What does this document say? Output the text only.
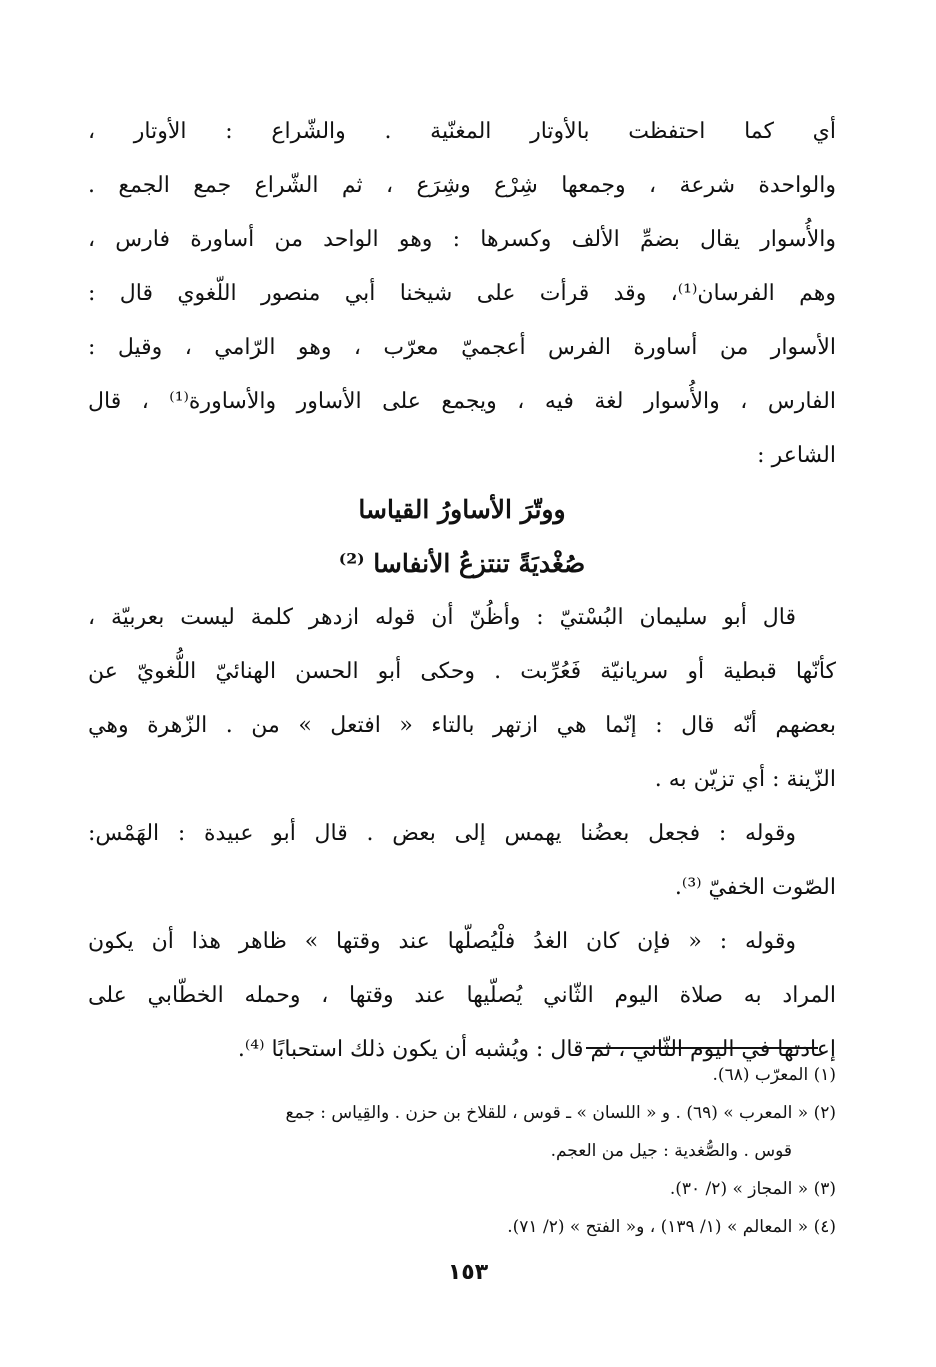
أي كما احتفظت بالأوتار المغنّية . والشّراع : الأوتار ،
والواحدة شرعة ، وجمعها شِرْع وشِرَع ، ثم الشّراع جمع الجمع .
والأُسوار يقال بضمِّ الألف وكسرها : وهو الواحد من أساورة فارس ،
وهم الفرسان⁽¹⁾، وقد قرأت على شيخنا أبي منصور اللّغوي قال :
الأسوار من أساورة الفرس أعجميّ معرّب ، وهو الرّامي ، وقيل :
الفارس ، والأُسوار لغة فيه ، ويجمع على الأساور والأساورة⁽¹⁾ ، قال
الشاعر :
ووتّرَ الأساورُ القياسا
صُغْديَةً تنتزعُ الأنفاسا ⁽²⁾
قال أبو سليمان البُسْتيّ : وأظُنّ أن قوله ازدهر كلمة ليست بعربيّة ،
كأنّها قبطية أو سريانيّة فَعُرِّبت . وحكى أبو الحسن الهنائيّ اللُّغويّ عن
بعضهم أنّه قال : إنّما هي ازتهر بالتاء « افتعل » من . الزّهرة وهي
الزّينة : أي تزيّن به .
وقوله : فجعل بعضُنا يهمس إلى بعض . قال أبو عبيدة : الهَمْس:
الصّوت الخفيّ ⁽³⁾.
وقوله : « فإن كان الغدُ فلْيُصلّها عند وقتها » ظاهر هذا أن يكون
المراد به صلاة اليوم الثّاني يُصلّيها عند وقتها ، وحمله الخطّابي على
إعادتها في اليوم الثّاني ، ثم قال : ويُشبه أن يكون ذلك استحبابًا ⁽⁴⁾.
(١) المعرّب (٦٨).
(٢) « المعرب » (٦٩) . و « اللسان » ـ قوس ، للقلاخ بن حزن . والقِياس : جمع
قوس . والصُّغدية : جيل من العجم.
(٣) « المجاز » (٢/ ٣٠).
(٤) « المعالم » (١/ ١٣٩) ، و« الفتح » (٢/ ٧١).
١٥٣
